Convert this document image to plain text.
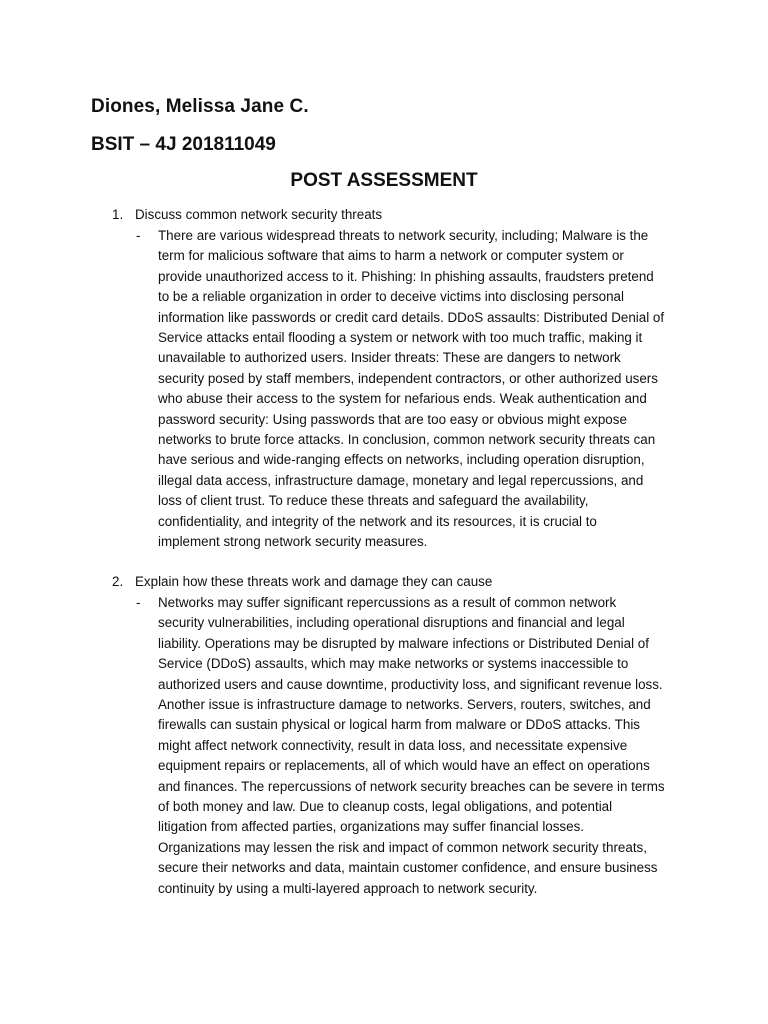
Diones, Melissa Jane C.
BSIT – 4J 201811049
POST ASSESSMENT
1. Discuss common network security threats
- There are various widespread threats to network security, including; Malware is the
term for malicious software that aims to harm a network or computer system or
provide unauthorized access to it. Phishing: In phishing assaults, fraudsters pretend
to be a reliable organization in order to deceive victims into disclosing personal
information like passwords or credit card details. DDoS assaults: Distributed Denial of
Service attacks entail flooding a system or network with too much traffic, making it
unavailable to authorized users. Insider threats: These are dangers to network
security posed by staff members, independent contractors, or other authorized users
who abuse their access to the system for nefarious ends. Weak authentication and
password security: Using passwords that are too easy or obvious might expose
networks to brute force attacks. In conclusion, common network security threats can
have serious and wide-ranging effects on networks, including operation disruption,
illegal data access, infrastructure damage, monetary and legal repercussions, and
loss of client trust. To reduce these threats and safeguard the availability,
confidentiality, and integrity of the network and its resources, it is crucial to
implement strong network security measures.
2. Explain how these threats work and damage they can cause
- Networks may suffer significant repercussions as a result of common network
security vulnerabilities, including operational disruptions and financial and legal
liability. Operations may be disrupted by malware infections or Distributed Denial of
Service (DDoS) assaults, which may make networks or systems inaccessible to
authorized users and cause downtime, productivity loss, and significant revenue loss.
Another issue is infrastructure damage to networks. Servers, routers, switches, and
firewalls can sustain physical or logical harm from malware or DDoS attacks. This
might affect network connectivity, result in data loss, and necessitate expensive
equipment repairs or replacements, all of which would have an effect on operations
and finances. The repercussions of network security breaches can be severe in terms
of both money and law. Due to cleanup costs, legal obligations, and potential
litigation from affected parties, organizations may suffer financial losses.
Organizations may lessen the risk and impact of common network security threats,
secure their networks and data, maintain customer confidence, and ensure business
continuity by using a multi-layered approach to network security.
